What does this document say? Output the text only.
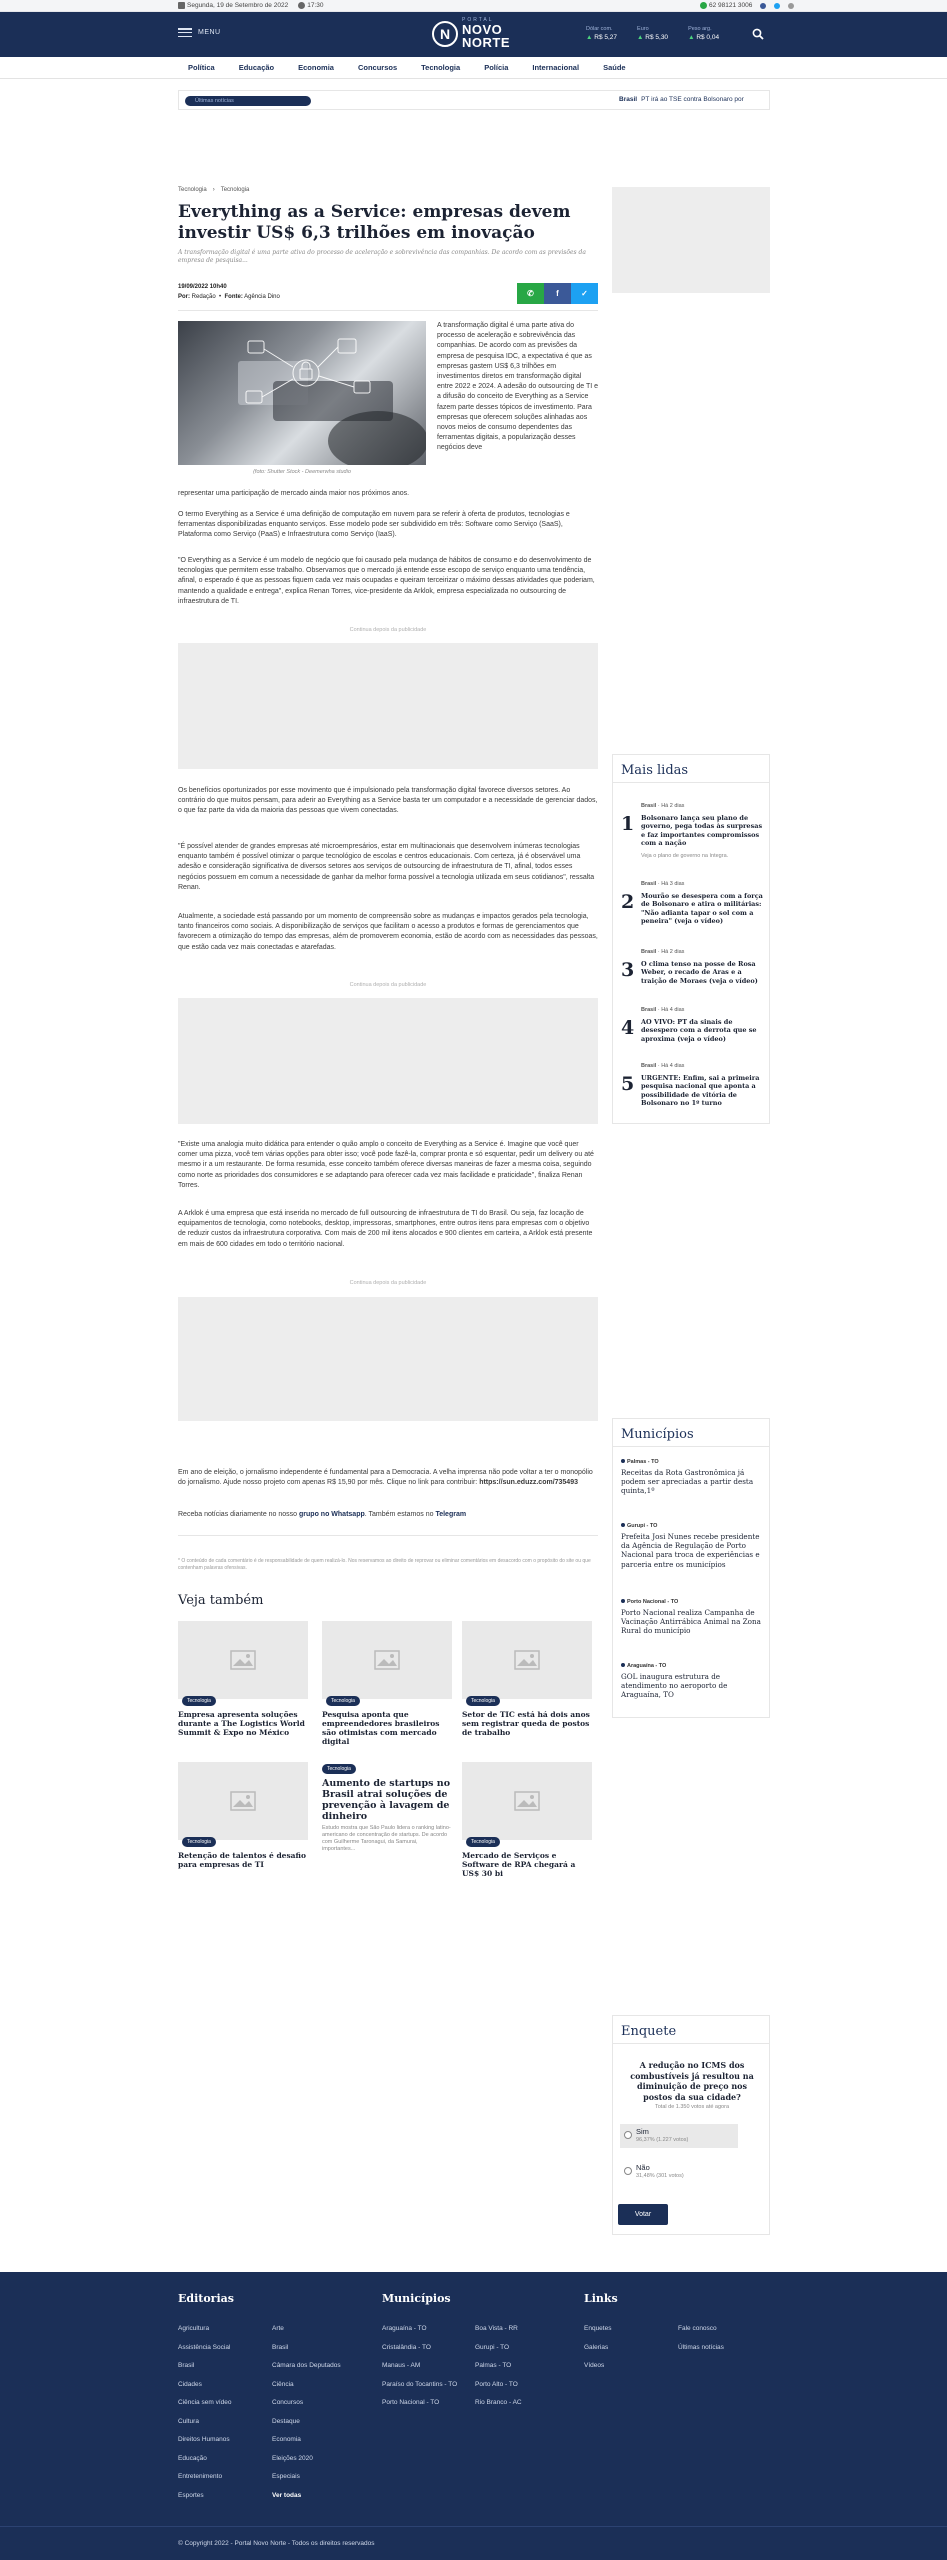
Segunda, 19 de Setembro de 2022	17:30	62 98121 3006
MENU	N
PORTAL
NOVO
NORTE
Dólar com.
▲ R$ 5,27
Euro
▲ R$ 5,30
Peso arg.
▲ R$ 0,04
Política	Educação	Economia	Concursos	Tecnologia	Polícia	Internacional	Saúde
Últimas notícias	Brasil PT irá ao TSE contra Bolsonaro por
Tecnologia › Tecnologia
Everything as a Service: empresas devem investir US$ 6,3 trilhões em inovação

A transformação digital é uma parte ativa do processo de aceleração e sobrevivência das companhias. De acordo com as previsões da empresa de pesquisa...

19/09/2022 10h40
Por: Redação  •  Fonte: Agência Dino	✆	f	✓
(foto: Shutter Stock - Deemerwha studio

A transformação digital é uma parte ativa do processo de aceleração e sobrevivência das companhias. De acordo com as previsões da empresa de pesquisa IDC, a expectativa é que as empresas gastem US$ 6,3 trilhões em investimentos diretos em transformação digital entre 2022 e 2024. A adesão do outsourcing de TI e a difusão do conceito de Everything as a Service fazem parte desses tópicos de investimento. Para empresas que oferecem soluções alinhadas aos novos meios de consumo dependentes das ferramentas digitais, a popularização desses negócios deve

representar uma participação de mercado ainda maior nos próximos anos.

O termo Everything as a Service é uma definição de computação em nuvem para se referir à oferta de produtos, tecnologias e ferramentas disponibilizadas enquanto serviços. Esse modelo pode ser subdividido em três: Software como Serviço (SaaS), Plataforma como Serviço (PaaS) e Infraestrutura como Serviço (IaaS).

"O Everything as a Service é um modelo de negócio que foi causado pela mudança de hábitos de consumo e do desenvolvimento de tecnologias que permitem esse trabalho. Observamos que o mercado já entende esse escopo de serviço enquanto uma tendência, afinal, o esperado é que as pessoas fiquem cada vez mais ocupadas e queiram terceirizar o máximo dessas atividades que poderiam, mantendo a qualidade e entrega", explica Renan Torres, vice-presidente da Arklok, empresa especializada no outsourcing de infraestrutura de TI.

Continua depois da publicidade

Os benefícios oportunizados por esse movimento que é impulsionado pela transformação digital favorece diversos setores. Ao contrário do que muitos pensam, para aderir ao Everything as a Service basta ter um computador e a necessidade de gerenciar dados, o que faz parte da vida da maioria das pessoas que vivem conectadas.

"É possível atender de grandes empresas até microempresários, estar em multinacionais que desenvolvem inúmeras tecnologias enquanto também é possível otimizar o parque tecnológico de escolas e centros educacionais. Com certeza, já é observável uma adesão e consideração significativa de diversos setores aos serviços de outsourcing de infraestrutura de TI, afinal, todos esses negócios possuem em comum a necessidade de ganhar da melhor forma possível a tecnologia utilizada em seus cotidianos", ressalta Renan.

Atualmente, a sociedade está passando por um momento de compreensão sobre as mudanças e impactos gerados pela tecnologia, tanto financeiros como sociais. A disponibilização de serviços que facilitam o acesso a produtos e formas de gerenciamentos que favorecem a otimização do tempo das empresas, além de promoverem economia, estão de acordo com as necessidades das pessoas, que estão cada vez mais conectadas e atarefadas.

Continua depois da publicidade

"Existe uma analogia muito didática para entender o quão amplo o conceito de Everything as a Service é. Imagine que você quer comer uma pizza, você tem várias opções para obter isso; você pode fazê-la, comprar pronta e só esquentar, pedir um delivery ou até mesmo ir a um restaurante. De forma resumida, esse conceito também oferece diversas maneiras de fazer a mesma coisa, seguindo como norte as prioridades dos consumidores e se adaptando para oferecer cada vez mais facilidade e praticidade", finaliza Renan Torres.

A Arklok é uma empresa que está inserida no mercado de full outsourcing de infraestrutura de TI do Brasil. Ou seja, faz locação de equipamentos de tecnologia, como notebooks, desktop, impressoras, smartphones, entre outros itens para empresas com o objetivo de reduzir custos da infraestrutura corporativa. Com mais de 200 mil itens alocados e 900 clientes em carteira, a Arklok está presente em mais de 600 cidades em todo o território nacional.

Continua depois da publicidade

Em ano de eleição, o jornalismo independente é fundamental para a Democracia. A velha imprensa não pode voltar a ter o monopólio do jornalismo. Ajude nosso projeto com apenas R$ 15,90 por mês. Clique no link para contribuir: https://sun.eduzz.com/735493

Receba notícias diariamente no nosso grupo no Whatsapp. Também estamos no Telegram

* O conteúdo de cada comentário é de responsabilidade de quem realizá-lo. Nos reservamos ao direito de reprovar ou eliminar comentários em desacordo com o propósito do site ou que contenham palavras ofensivas.

Veja também
Tecnologia
Empresa apresenta soluções durante a The Logistics World Summit & Expo no México
Tecnologia
Pesquisa aponta que empreendedores brasileiros são otimistas com mercado digital
Tecnologia
Setor de TIC está há dois anos sem registrar queda de postos de trabalho
Tecnologia
Retenção de talentos é desafio para empresas de TI
Tecnologia
Aumento de startups no Brasil atrai soluções de prevenção à lavagem de dinheiro
Estudo mostra que São Paulo lidera o ranking latino-americano de concentração de startups. De acordo com Guilherme Taronagui, da Samurai, importantes...
Tecnologia
Mercado de Serviços e Software de RPA chegará a US$ 30 bi
Mais lidas
1
Brasil · Há 2 dias
Bolsonaro lança seu plano de governo, pega todas às surpresas e faz importantes compromissos com a nação
Veja o plano de governo na íntegra.
2
Brasil · Há 3 dias
Mourão se desespera com a força de Bolsonaro e atira o militárias: "Não adianta tapar o sol com a peneira" (veja o vídeo)
3
Brasil · Há 2 dias
O clima tenso na posse de Rosa Weber, o recado de Aras e a traição de Moraes (veja o vídeo)
4
Brasil · Há 4 dias
AO VIVO: PT da sinais de desespero com a derrota que se aproxima (veja o vídeo)
5
Brasil · Há 4 dias
URGENTE: Enfim, sai a primeira pesquisa nacional que aponta a possibilidade de vitória de Bolsonaro no 1º turno
Municípios
Palmas - TO
Receitas da Rota Gastronômica já podem ser apreciadas a partir desta quinta,1º
Gurupi - TO
Prefeita Josi Nunes recebe presidente da Agência de Regulação de Porto Nacional para troca de experiências e parceria entre os municípios
Porto Nacional - TO
Porto Nacional realiza Campanha de Vacinação Antirrábica Animal na Zona Rural do município
Araguaína - TO
GOL inaugura estrutura de atendimento no aeroporto de Araguaína, TO
Enquete
A redução no ICMS dos combustíveis já resultou na diminuição de preço nos postos da sua cidade?
Total de 1.350 votos até agora
Sim
96,37% (1.227 votos)
Não
31,48% (301 votos)
Votar
Editorias
Agricultura
Assistência Social
Brasil
Cidades
Ciência sem vídeo
Cultura
Direitos Humanos
Educação
Entretenimento
Esportes
Arte
Brasil
Câmara dos Deputados
Ciência
Concursos
Destaque
Economia
Eleições 2020
Especiais
Ver todas
Municípios
Araguaína - TO
Cristalândia - TO
Manaus - AM
Paraíso do Tocantins - TO
Porto Nacional - TO
Boa Vista - RR
Gurupi - TO
Palmas - TO
Porto Alto - TO
Rio Branco - AC
Links
Enquetes
Galerias
Vídeos
Fale conosco
Últimas notícias
© Copyright 2022 - Portal Novo Norte - Todos os direitos reservados
